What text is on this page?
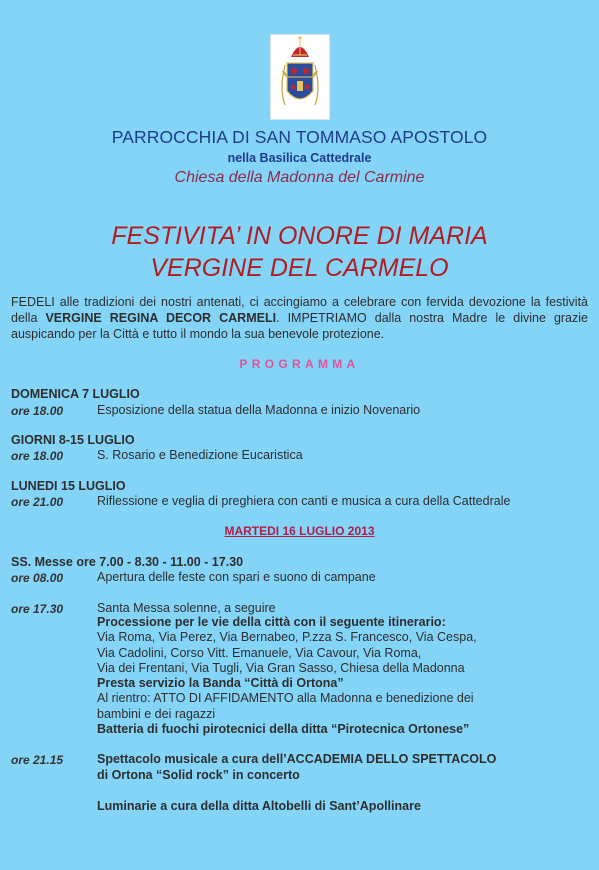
PARROCCHIA DI SAN TOMMASO APOSTOLO
nella Basilica Cattedrale
Chiesa della Madonna del Carmine
FESTIVITA’ IN ONORE DI MARIA
VERGINE DEL CARMELO
FEDELI alle tradizioni dei nostri antenati, ci accingiamo a celebrare con fervida devozione la festività della VERGINE REGINA DECOR CARMELI. IMPETRIAMO dalla nostra Madre le divine grazie auspicando per la Città e tutto il mondo la sua benevole protezione.
PROGRAMMA
DOMENICA 7 LUGLIO
ore 18.00	Esposizione della statua della Madonna e inizio Novenario
GIORNI 8-15 LUGLIO
ore 18.00	S. Rosario e Benedizione Eucaristica
LUNEDI 15 LUGLIO
ore 21.00	Riflessione e veglia di preghiera con canti e musica a cura della Cattedrale
MARTEDI 16 LUGLIO 2013
SS. Messe ore 7.00 - 8.30 - 11.00 - 17.30
ore 08.00	Apertura delle feste con spari e suono di campane
ore 17.30	Santa Messa solenne, a seguire
Processione per le vie della città con il seguente itinerario:
Via Roma, Via Perez, Via Bernabeo, P.zza S. Francesco, Via Cespa,
Via Cadolini, Corso Vitt. Emanuele, Via Cavour, Via Roma,
Via dei Frentani, Via Tugli, Via Gran Sasso, Chiesa della Madonna
Presta servizio la Banda “Città di Ortona”
Al rientro: ATTO DI AFFIDAMENTO alla Madonna e benedizione dei
bambini e dei ragazzi
Batteria di fuochi pirotecnici della ditta “Pirotecnica Ortonese”
ore 21.15	Spettacolo musicale a cura dell’ACCADEMIA DELLO SPETTACOLO
di Ortona “Solid rock” in concerto
Luminarie a cura della ditta Altobelli di Sant’Apollinare
